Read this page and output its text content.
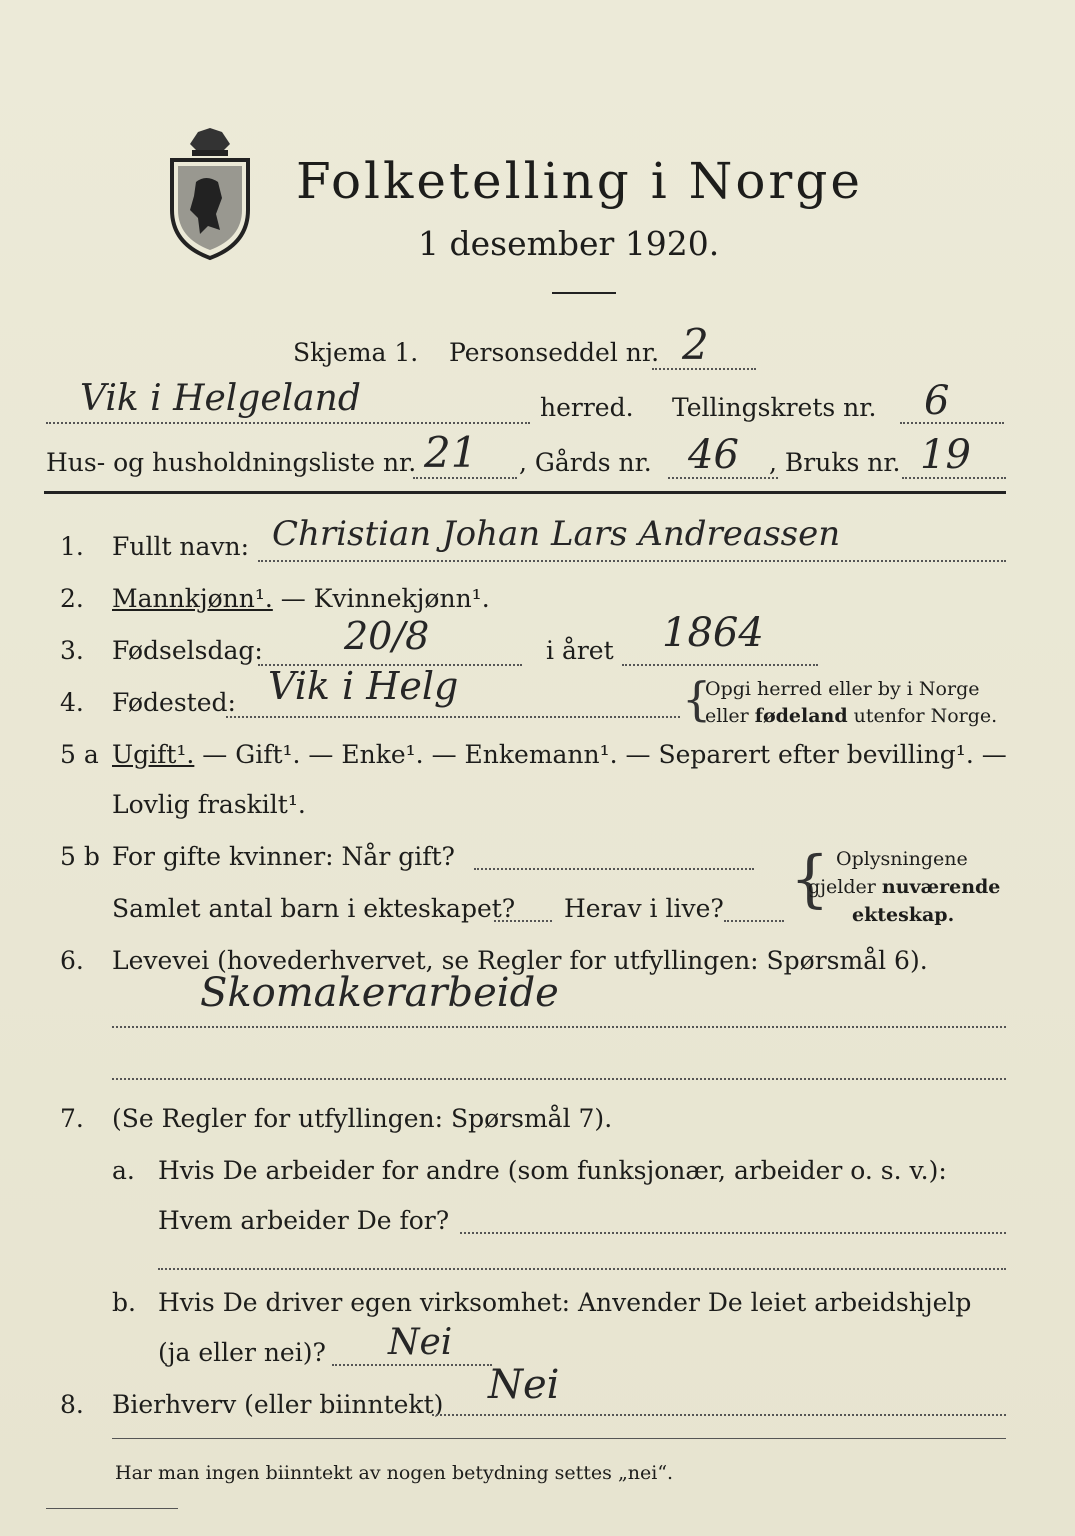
Folketelling i Norge
1 desember 1920.
Skjema 1. Personseddel nr. 2
Vik i Helgeland	herred. Tellingskrets nr. 6
Hus- og husholdningsliste nr. 21 , Gårds nr. 46 , Bruks nr. 19
1. Fullt navn: Christian Johan Lars Andreassen
2. Mannkjønn¹. — Kvinnekjønn¹.
3. Fødselsdag: 20/8	i året 1864
4. Fødested: Vik i Helg	{
Opgi herred eller by i Norge
eller fødeland utenfor Norge.
5 a Ugift¹. — Gift¹. — Enke¹. — Enkemann¹. — Separert efter bevilling¹. —
Lovlig fraskilt¹.
5 b For gifte kvinner: Når gift?
Samlet antal barn i ekteskapet? Herav i live? { Oplysningene
gjelder nuværende
ekteskap.
6. Levevei (hovederhvervet, se Regler for utfyllingen: Spørsmål 6).
Skomakerarbeide
7. (Se Regler for utfyllingen: Spørsmål 7).
a. Hvis De arbeider for andre (som funksjonær, arbeider o. s. v.):
Hvem arbeider De for?
b. Hvis De driver egen virksomhet: Anvender De leiet arbeidshjelp
(ja eller nei)? Nei
8. Bierhverv (eller biinntekt) Nei
Har man ingen biinntekt av nogen betydning settes „nei“.
